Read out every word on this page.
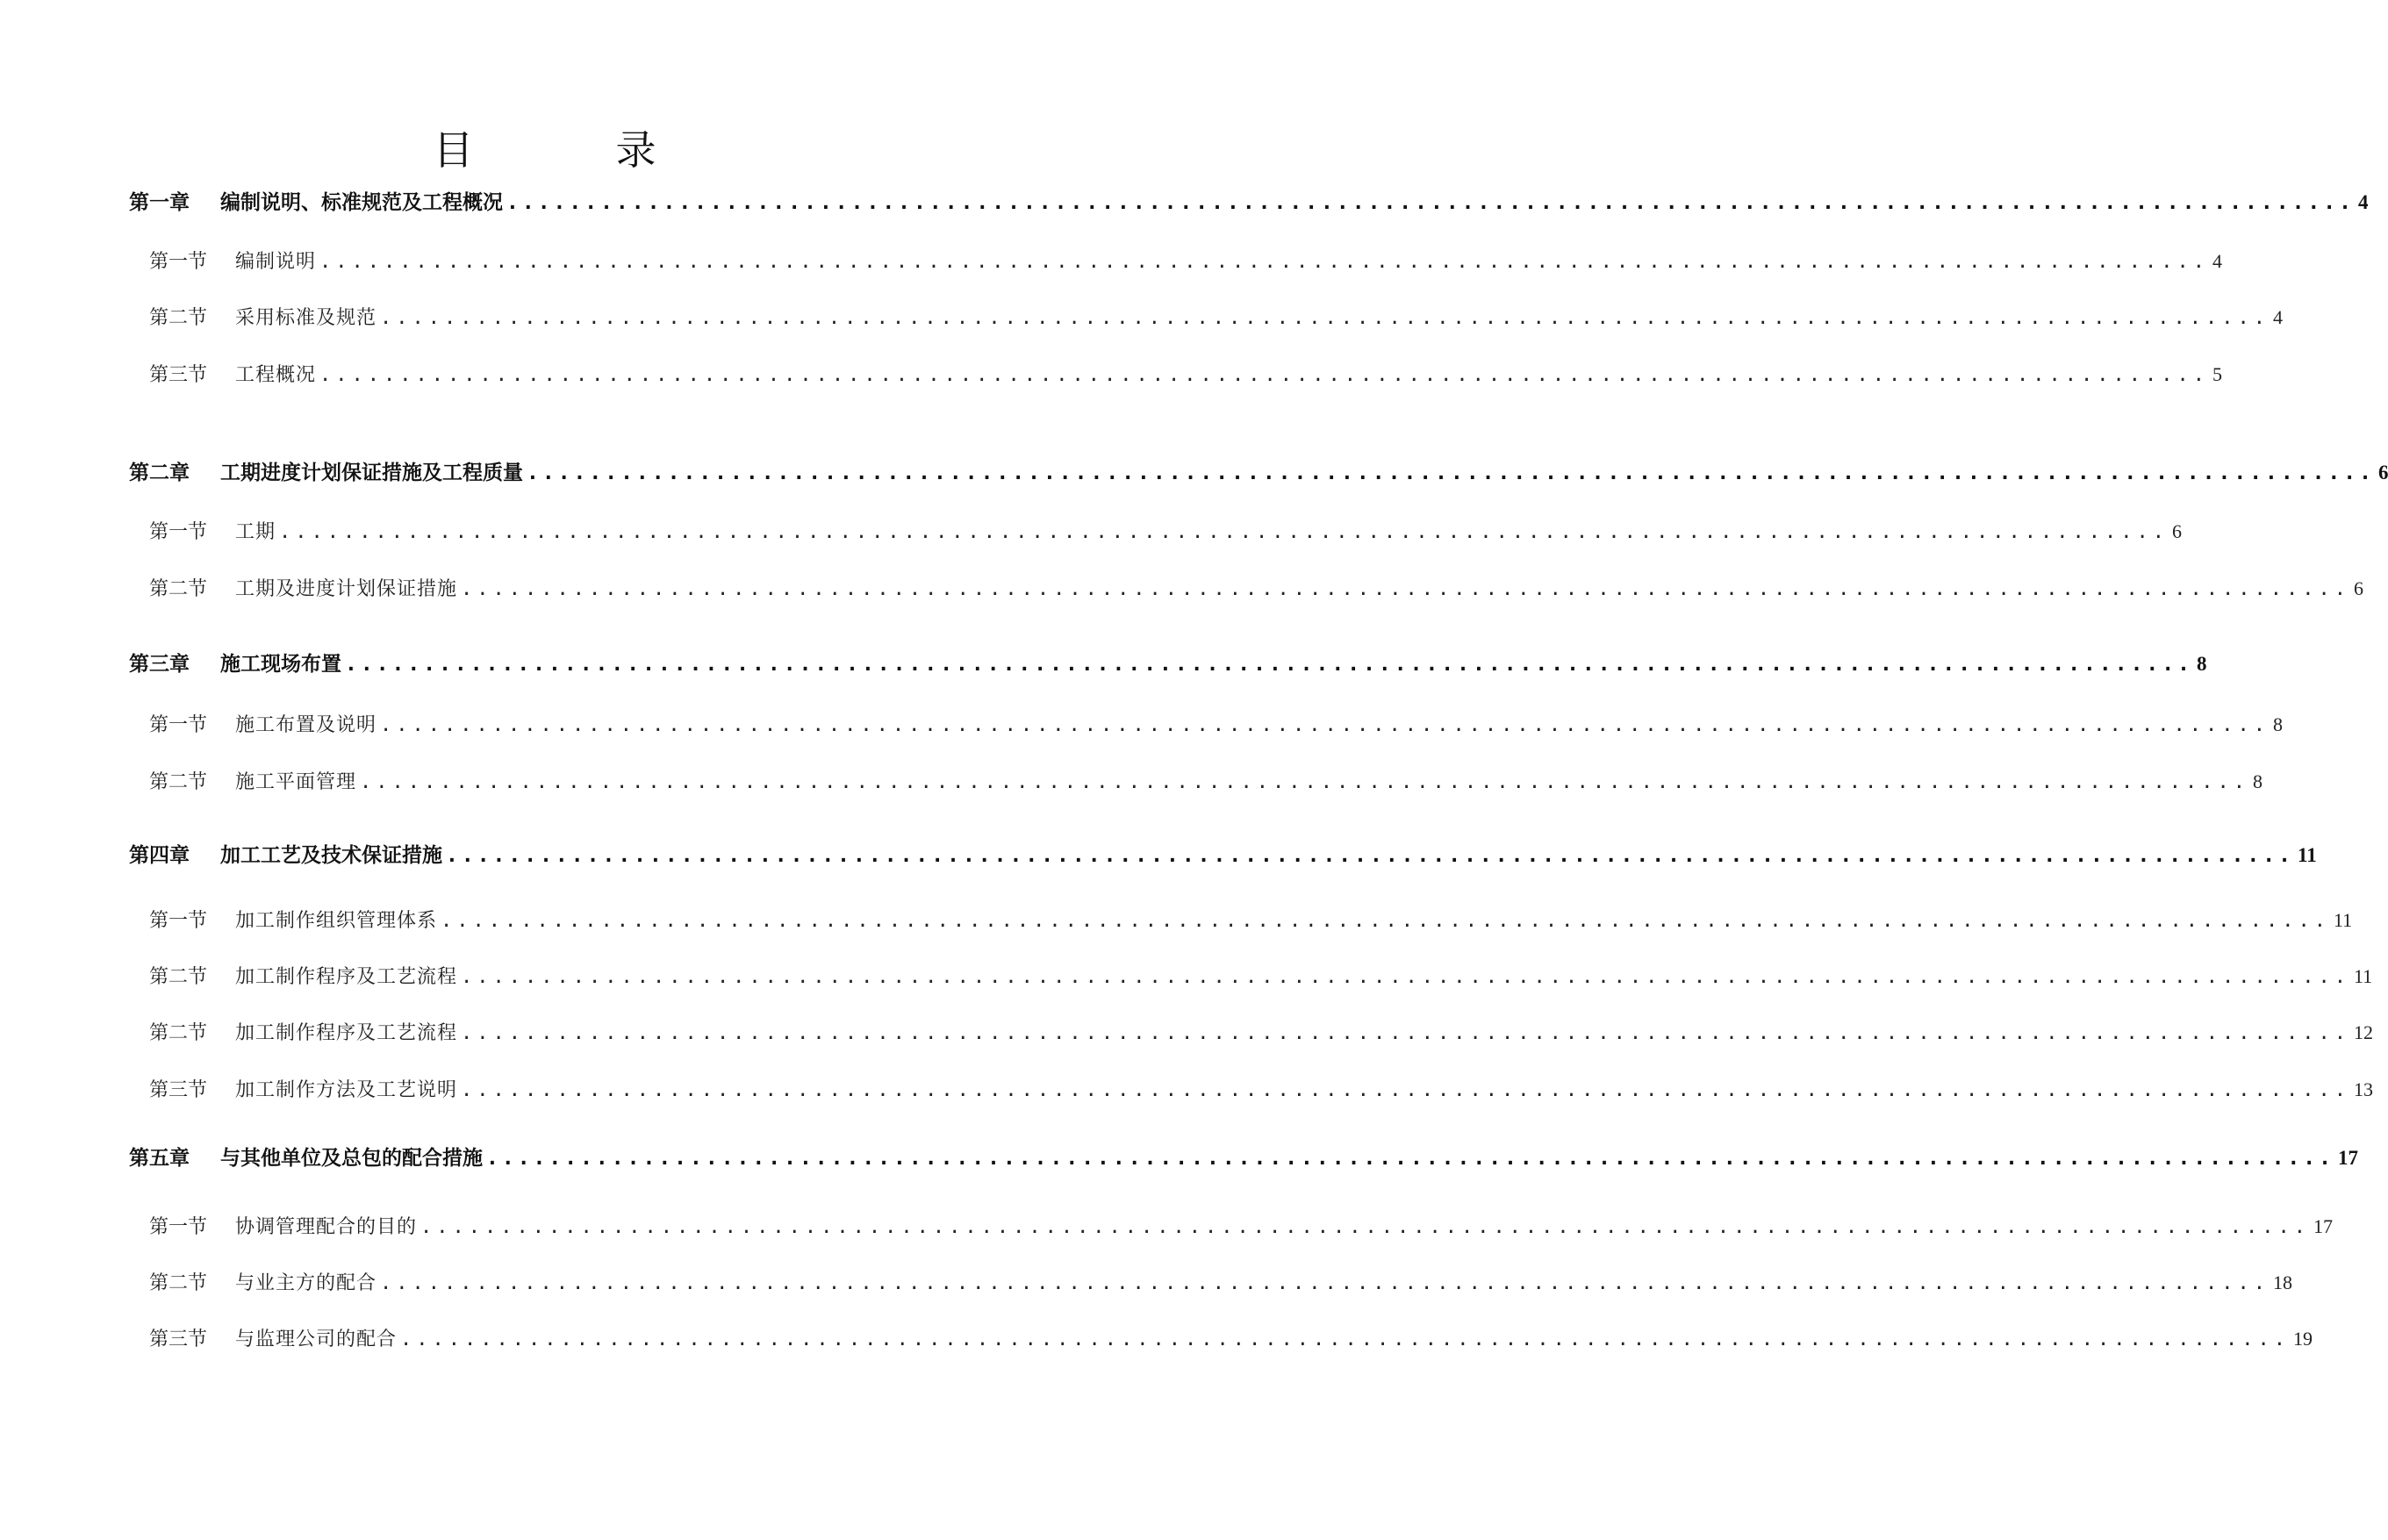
目　录
第一章	编制说明、标准规范及工程概况 ...................................................................................................................... 4
第一节	编制说明 ...................................................................................................................... 4
第二节	采用标准及规范 ...................................................................................................................... 4
第三节	工程概况 ...................................................................................................................... 5
第二章	工期进度计划保证措施及工程质量 ...................................................................................................................... 6
第一节	工期 ...................................................................................................................... 6
第二节	工期及进度计划保证措施 ...................................................................................................................... 6
第三章	施工现场布置 ...................................................................................................................... 8
第一节	施工布置及说明 ...................................................................................................................... 8
第二节	施工平面管理 ...................................................................................................................... 8
第四章	加工工艺及技术保证措施 ...................................................................................................................... 11
第一节	加工制作组织管理体系 ...................................................................................................................... 11
第二节	加工制作程序及工艺流程 ...................................................................................................................... 11
第二节	加工制作程序及工艺流程 ...................................................................................................................... 12
第三节	加工制作方法及工艺说明 ...................................................................................................................... 13
第五章	与其他单位及总包的配合措施 ...................................................................................................................... 17
第一节	协调管理配合的目的 ...................................................................................................................... 17
第二节	与业主方的配合 ...................................................................................................................... 18
第三节	与监理公司的配合 ...................................................................................................................... 19
